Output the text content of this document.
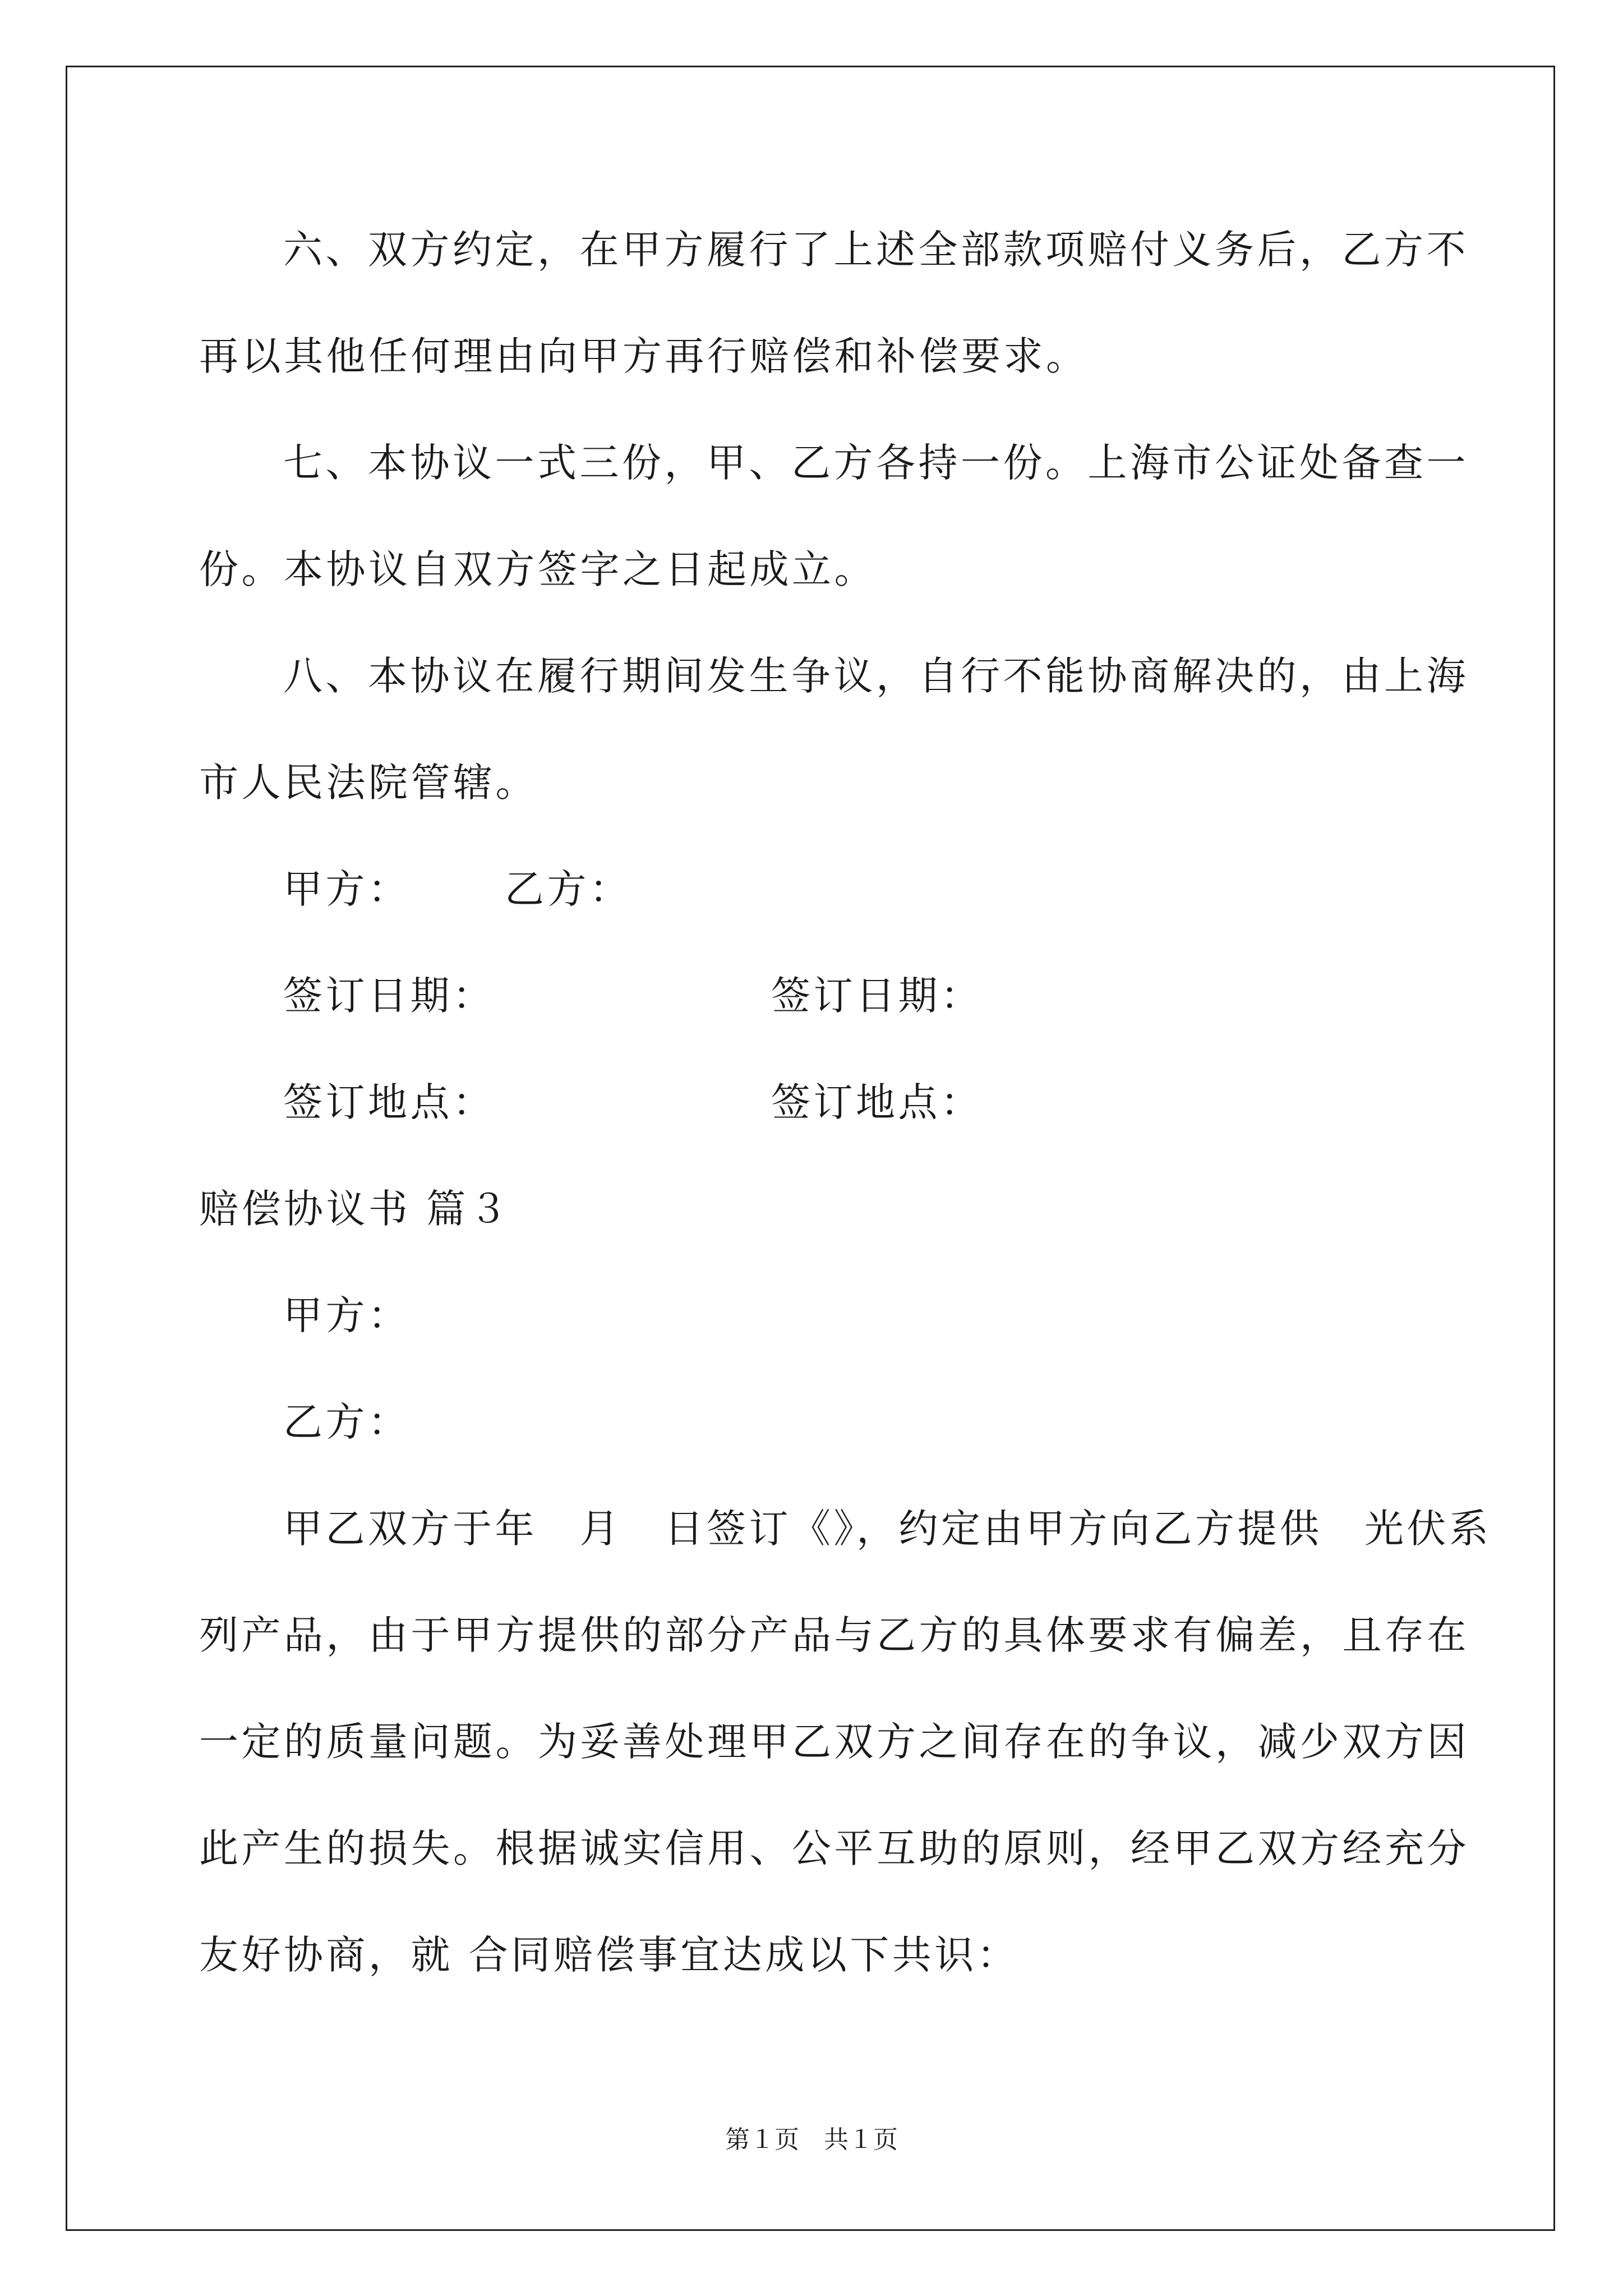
六、双方约定，在甲方履行了上述全部款项赔付义务后，乙方不
再以其他任何理由向甲方再行赔偿和补偿要求。
七、本协议一式三份，甲、乙方各持一份。上海市公证处备查一
份。本协议自双方签字之日起成立。
八、本协议在履行期间发生争议，自行不能协商解决的，由上海
市人民法院管辖。
甲方： 乙方：
签订日期：	签订日期：
签订地点：	签订地点：
赔偿协议书 篇３
甲方：
乙方：
甲乙双方于年　月　日签订《》，约定由甲方向乙方提供　光伏系
列产品，由于甲方提供的部分产品与乙方的具体要求有偏差，且存在
一定的质量问题。为妥善处理甲乙双方之间存在的争议，减少双方因
此产生的损失。根据诚实信用、公平互助的原则，经甲乙双方经充分
友好协商，就 合同赔偿事宜达成以下共识：
第１页　共１页
